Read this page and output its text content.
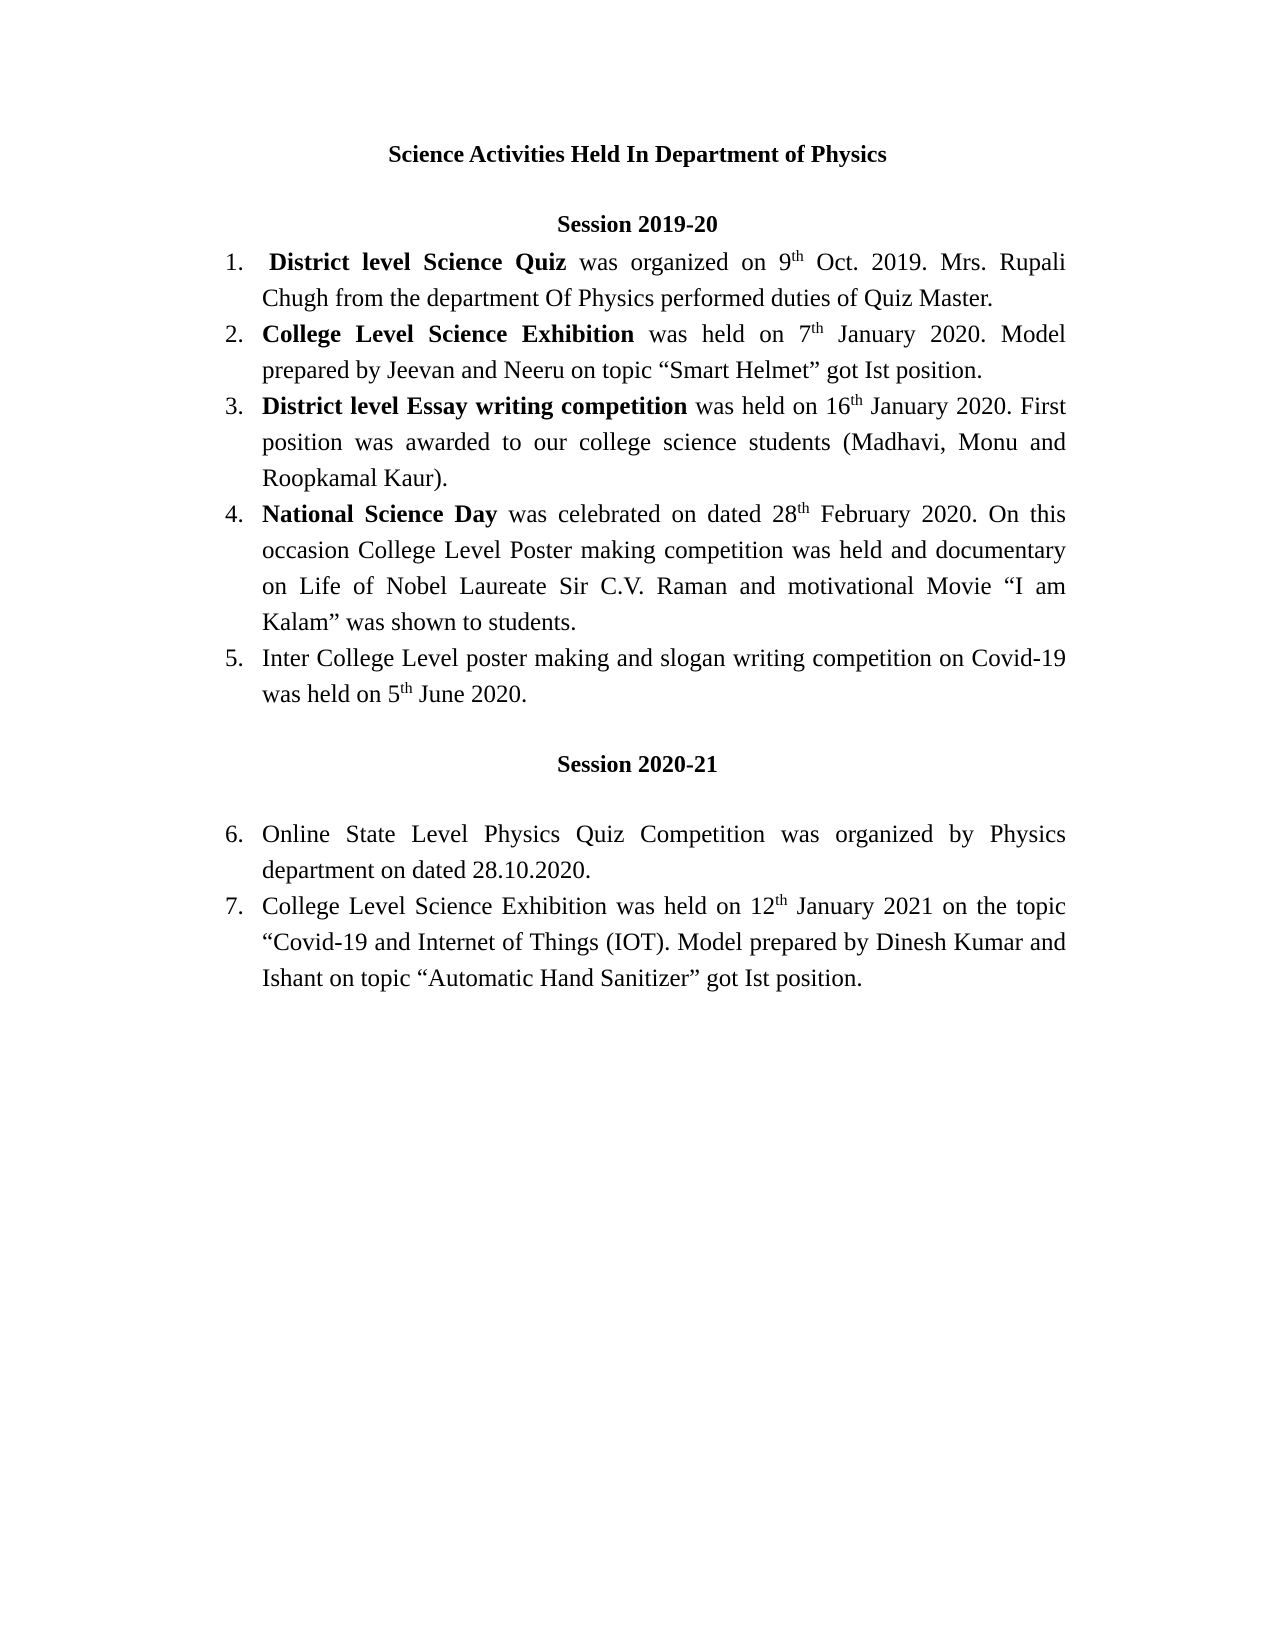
Science Activities Held In Department of Physics
Session 2019-20
1.	District level Science Quiz was organized on 9th Oct. 2019. Mrs. Rupali Chugh from the department Of Physics performed duties of Quiz Master.
2. College Level Science Exhibition was held on 7th January 2020. Model prepared by Jeevan and Neeru on topic “Smart Helmet” got Ist position.
3. District level Essay writing competition was held on 16th January 2020. First position was awarded to our college science students (Madhavi, Monu and Roopkamal Kaur).
4. National Science Day was celebrated on dated 28th February 2020. On this occasion College Level Poster making competition was held and documentary on Life of Nobel Laureate Sir C.V. Raman and motivational Movie “I am Kalam” was shown to students.
5. Inter College Level poster making and slogan writing competition on Covid-19 was held on 5th June 2020.
Session 2020-21
6. Online State Level Physics Quiz Competition was organized by Physics department on dated 28.10.2020.
7. College Level Science Exhibition was held on 12th January 2021 on the topic “Covid-19 and Internet of Things (IOT). Model prepared by Dinesh Kumar and Ishant on topic “Automatic Hand Sanitizer” got Ist position.
